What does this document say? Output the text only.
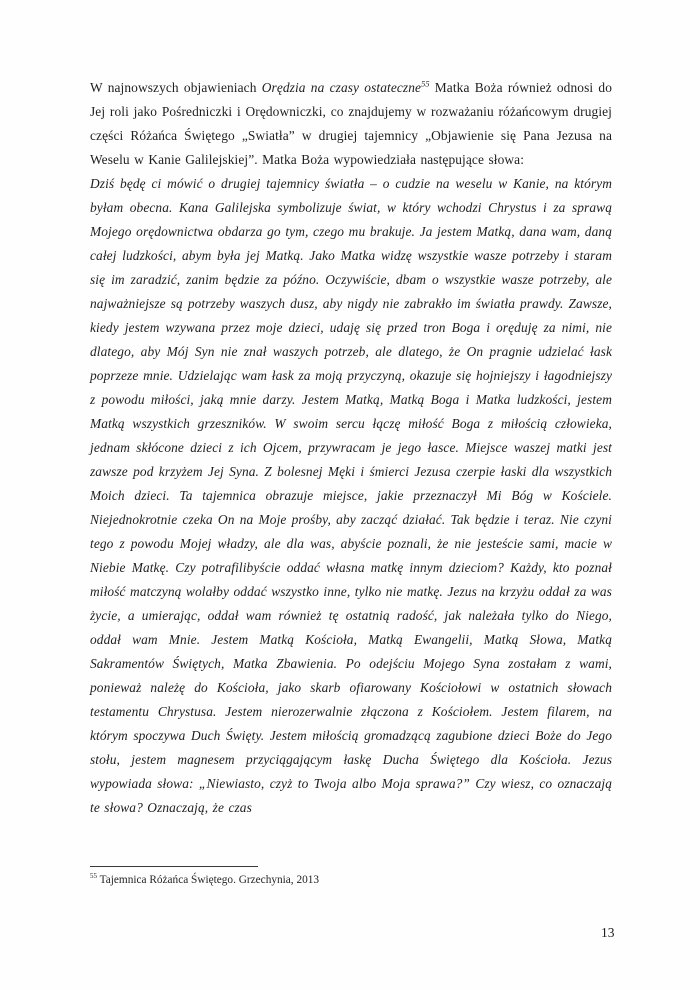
W najnowszych objawieniach Orędzia na czasy ostateczne$^{55}$ Matka Boża również odnosi do Jej roli jako Pośredniczki i Orędowniczki, co znajdujemy w rozważaniu różańcowym drugiej części Różańca Świętego „Swiatła” w drugiej tajemnicy „Objawienie się Pana Jezusa na Weselu w Kanie Galilejskiej”. Matka Boża wypowiedziała następujące słowa:

Dziś będę ci mówić o drugiej tajemnicy światła – o cudzie na weselu w Kanie, na którym byłam obecna. Kana Galilejska symbolizuje świat, w który wchodzi Chrystus i za sprawą Mojego orędownictwa obdarza go tym, czego mu brakuje. Ja jestem Matką, dana wam, daną całej ludzkości, abym była jej Matką. Jako Matka widzę wszystkie wasze potrzeby i staram się im zaradzić, zanim będzie za późno. Oczywiście, dbam o wszystkie wasze potrzeby, ale najważniejsze są potrzeby waszych dusz, aby nigdy nie zabrakło im światła prawdy. Zawsze, kiedy jestem wzywana przez moje dzieci, udaję się przed tron Boga i oręduję za nimi, nie dlatego, aby Mój Syn nie znał waszych potrzeb, ale dlatego, że On pragnie udzielać łask poprzeze mnie. Udzielając wam łask za moją przyczyną, okazuje się hojniejszy i łagodniejszy z powodu miłości, jaką mnie darzy. Jestem Matką, Matką Boga i Matka ludzkości, jestem Matką wszystkich grzeszników. W swoim sercu łączę miłość Boga z miłością człowieka, jednam skłócone dzieci z ich Ojcem, przywracam je jego łasce. Miejsce waszej matki jest zawsze pod krzyżem Jej Syna. Z bolesnej Męki i śmierci Jezusa czerpie łaski dla wszystkich Moich dzieci. Ta tajemnica obrazuje miejsce, jakie przeznaczył Mi Bóg w Kościele. Niejednokrotnie czeka On na Moje prośby, aby zacząć działać. Tak będzie i teraz. Nie czyni tego z powodu Mojej władzy, ale dla was, abyście poznali, że nie jesteście sami, macie w Niebie Matkę. Czy potrafilibyście oddać własna matkę innym dzieciom? Każdy, kto poznał miłość matczyną wolałby oddać wszystko inne, tylko nie matkę. Jezus na krzyżu oddał za was życie, a umierając, oddał wam również tę ostatnią radość, jak należała tylko do Niego, oddał wam Mnie. Jestem Matką Kościoła, Matką Ewangelii, Matką Słowa, Matką Sakramentów Świętych, Matka Zbawienia. Po odejściu Mojego Syna zostałam z wami, ponieważ należę do Kościoła, jako skarb ofiarowany Kościołowi w ostatnich słowach testamentu Chrystusa. Jestem nierozerwalnie złączona z Kościołem. Jestem filarem, na którym spoczywa Duch Święty. Jestem miłością gromadzącą zagubione dzieci Boże do Jego stołu, jestem magnesem przyciągającym łaskę Ducha Świętego dla Kościoła. Jezus wypowiada słowa: „Niewiasto, czyż to Twoja albo Moja sprawa?” Czy wiesz, co oznaczają te słowa? Oznaczają, że czas

$^{55}$ Tajemnica Różańca Świętego. Grzechynia, 2013

13
